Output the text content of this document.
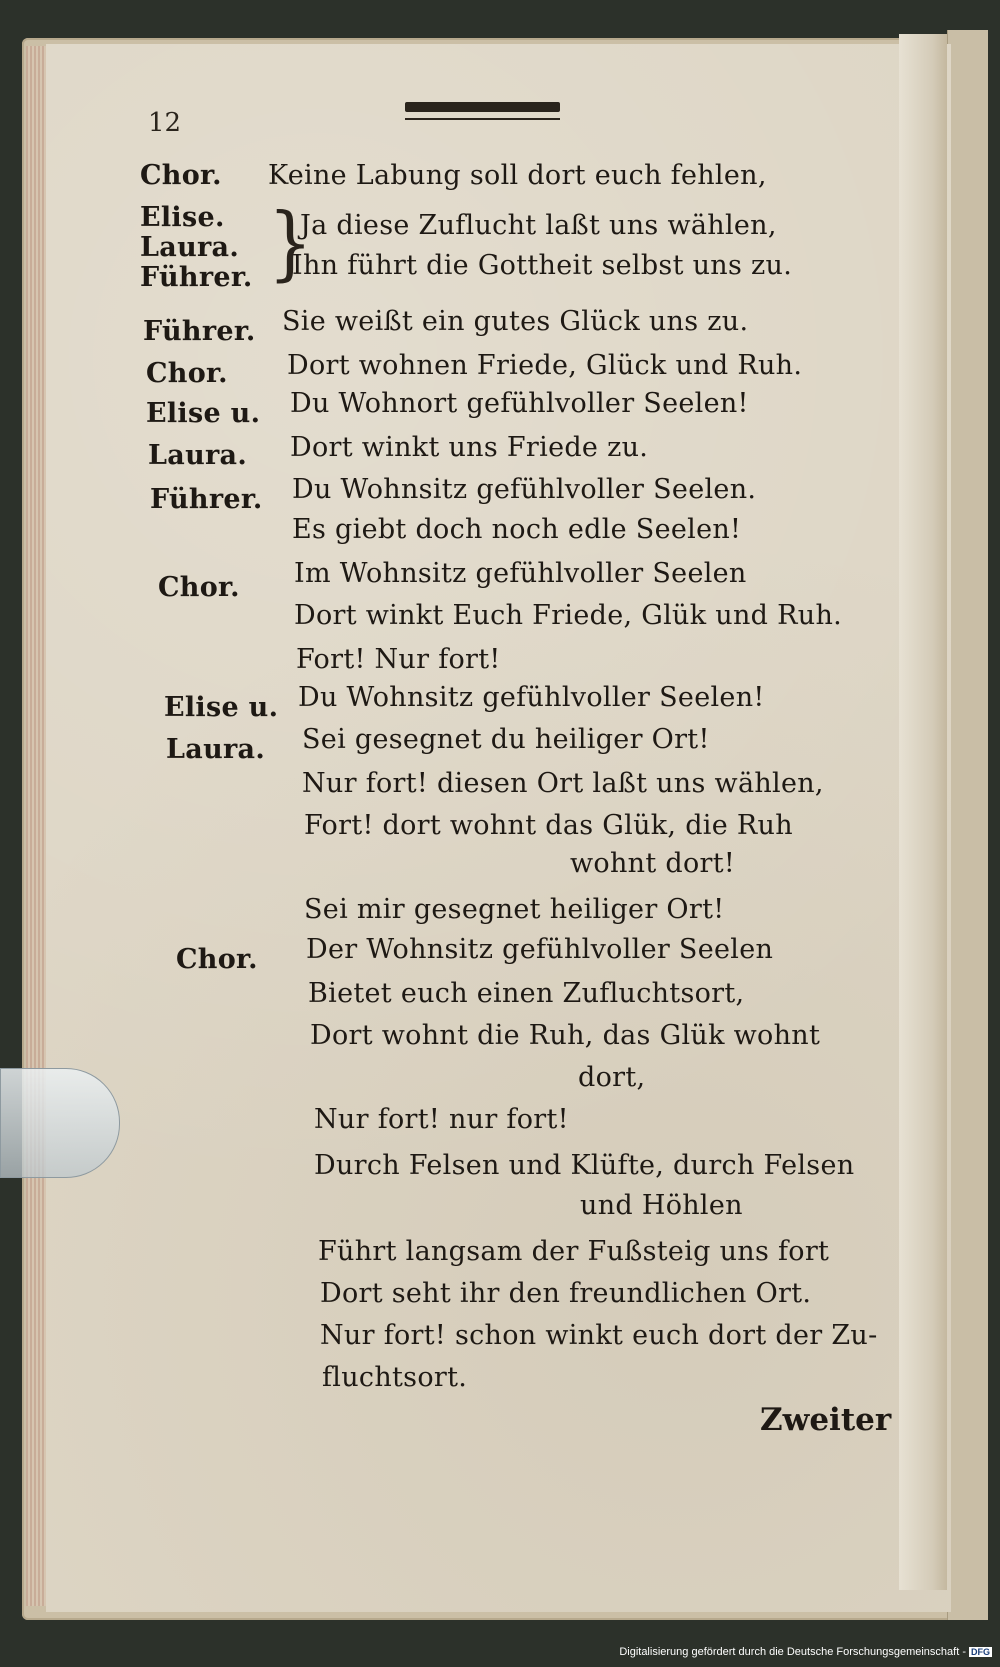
12
}
Chor. Keine Labung soll dort euch fehlen,
Elise.	Ja diese Zuflucht laßt uns wählen,
Laura.
Führer. Ihn führt die Gottheit selbst uns zu.
Führer. Sie weißt ein gutes Glück uns zu.
Chor. Dort wohnen Friede, Glück und Ruh.
Elise u. Du Wohnort gefühlvoller Seelen!
Laura. Dort winkt uns Friede zu.
Führer. Du Wohnsitz gefühlvoller Seelen.
Es giebt doch noch edle Seelen!
Chor. Im Wohnsitz gefühlvoller Seelen
Dort winkt Euch Friede, Glük und Ruh.
Fort! Nur fort!
Elise u. Du Wohnsitz gefühlvoller Seelen!
Laura. Sei gesegnet du heiliger Ort!
Nur fort! diesen Ort laßt uns wählen,
Fort! dort wohnt das Glük, die Ruh
wohnt dort!
Sei mir gesegnet heiliger Ort!
Chor. Der Wohnsitz gefühlvoller Seelen
Bietet euch einen Zufluchtsort,
Dort wohnt die Ruh, das Glük wohnt
dort,
Nur fort! nur fort!
Durch Felsen und Klüfte, durch Felsen
und Höhlen
Führt langsam der Fußsteig uns fort
Dort seht ihr den freundlichen Ort.
Nur fort! schon winkt euch dort der Zu-
fluchtsort.
Zweiter
Digitalisierung gefördert durch die Deutsche Forschungsgemeinschaft - DFG
